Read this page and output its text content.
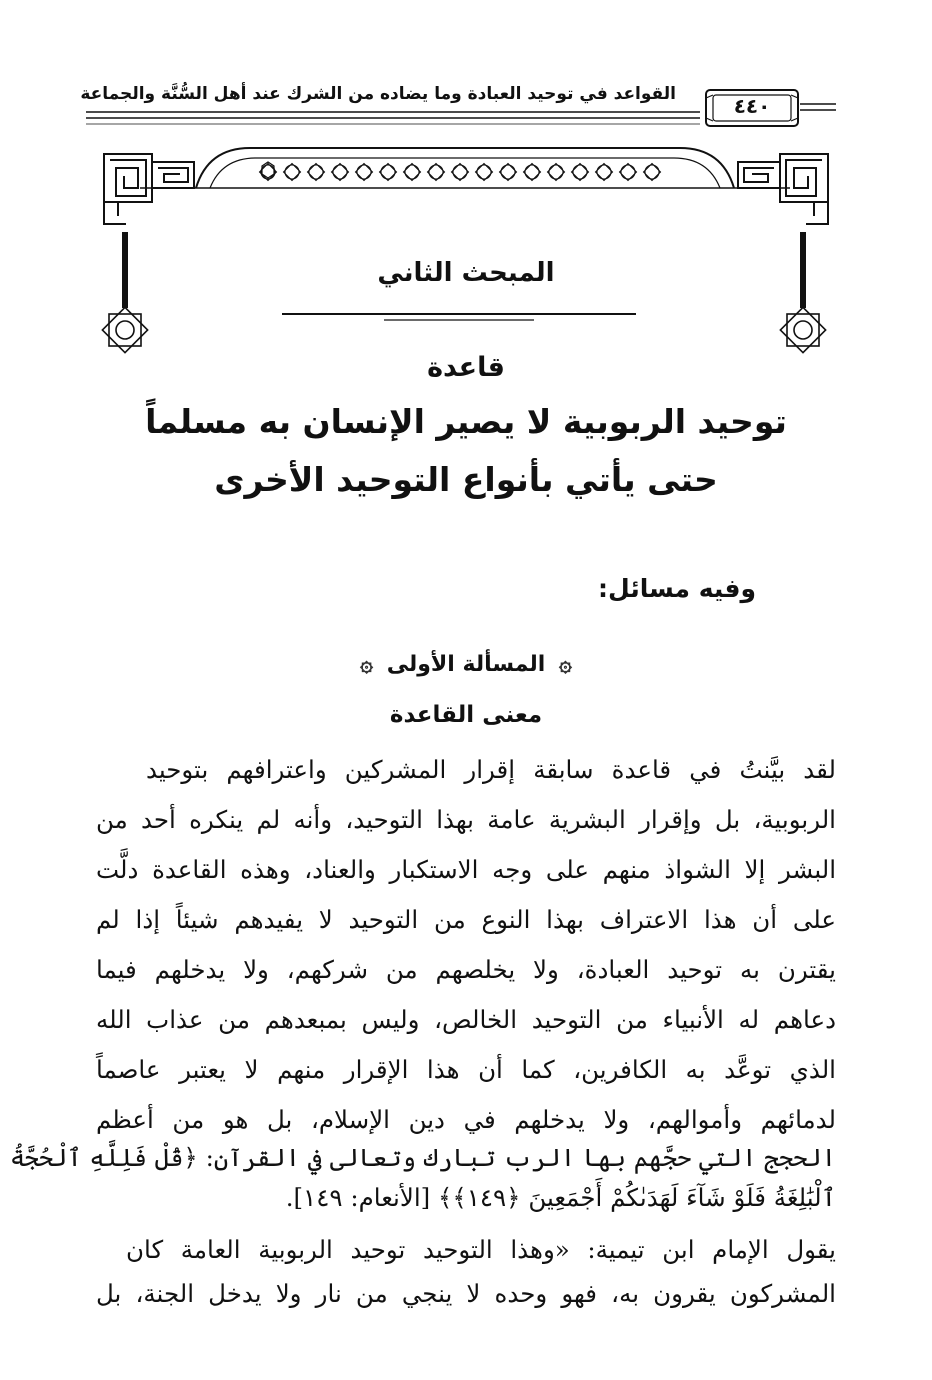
القواعد في توحيد العبادة وما يضاده من الشرك عند أهل السُّنَّة والجماعة	٤٤٠
المبحث الثاني
قاعدة
توحيد الربوبية لا يصير الإنسان به مسلماً
حتى يأتي بأنواع التوحيد الأخرى
وفيه مسائل:
۞ المسألة الأولى ۞
معنى القاعدة
لقد بيَّنتُ في قاعدة سابقة إقرار المشركين واعترافهم بتوحيد
الربوبية، بل وإقرار البشرية عامة بهذا التوحيد، وأنه لم ينكره أحد من
البشر إلا الشواذ منهم على وجه الاستكبار والعناد، وهذه القاعدة دلَّت
على أن هذا الاعتراف بهذا النوع من التوحيد لا يفيدهم شيئاً إذا لم
يقترن به توحيد العبادة، ولا يخلصهم من شركهم، ولا يدخلهم فيما
دعاهم له الأنبياء من التوحيد الخالص، وليس بمبعدهم من عذاب الله
الذي توعَّد به الكافرين، كما أن هذا الإقرار منهم لا يعتبر عاصماً
لدمائهم وأموالهم، ولا يدخلهم في دين الإسلام، بل هو من أعظم
الحجج التي حجَّهم بها الرب تبارك وتعالى في القرآن: ﴿قُلْ فَلِلَّهِ ٱلْحُجَّةُ
ٱلْبَٰلِغَةُ فَلَوْ شَآءَ لَهَدَىٰكُمْ أَجْمَعِينَ ﴿١٤٩﴾﴾ [الأنعام: ١٤٩].
يقول الإمام ابن تيمية: «وهذا التوحيد توحيد الربوبية العامة كان
المشركون يقرون به، فهو وحده لا ينجي من نار ولا يدخل الجنة، بل
